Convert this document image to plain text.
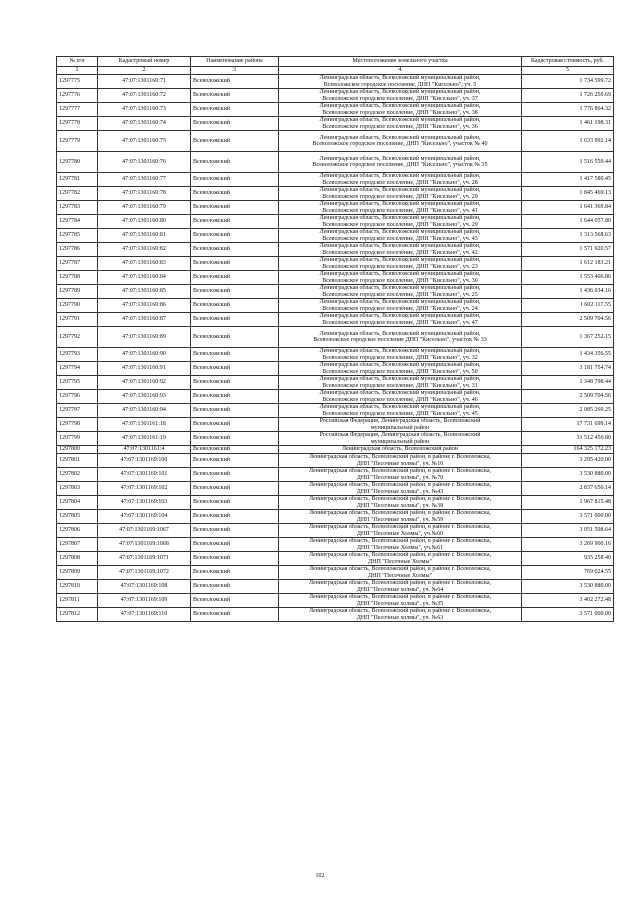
№ п/п	Кадастровый номер	Наименование района	Местоположение земельного участка	Кадастровая стоимость, руб.
1	2	3	4	5
1297775	47:07:1301160:71	Всеволожский	Ленинградская область, Всеволожский муниципальный район,
Всеволожское городское поселение, ДНП "Кисельно", уч. 5	1 734 599.72
1297776	47:07:1301160:72	Всеволожский	Ленинградская область, Всеволожский муниципальный район,
Всеволожское городское поселение, ДНП "Кисельно", уч. 37	1 726 250.69
1297777	47:07:1301160:73	Всеволожский	Ленинградская область, Всеволожский муниципальный район,
Всеволожское городское поселение, ДНП "Кисельно", уч. 38	1 776 864.32
1297778	47:07:1301160:74	Всеволожский	Ленинградская область, Всеволожский муниципальный район,
Всеволожское городское поселение, ДНП "Кисельно", уч. 36	1 461 198.31
1297779	47:07:1301160:75	Всеволожский	Ленинградская область, Всеволожский муниципальный район,
Всеволожское городское поселение, ДНП "Кисельно", участок № 40	1 633 992.14
1297780	47:07:1301160:76	Всеволожский	Ленинградская область, Всеволожский муниципальный район,
Всеволожское городское поселение, ДНП "Кисельно", участок № 35	1 516 559.44
1297781	47:07:1301160:77	Всеволожский	Ленинградская область, Всеволожский муниципальный район,
Всеволожское городское поселение, ДНП "Кисельно", уч. 28	1 417 580.45
1297782	47:07:1301160:78	Всеволожский	Ленинградская область, Всеволожский муниципальный район,
Всеволожское городское поселение, ДНП "Кисельно", уч. 29	1 845 469.13
1297783	47:07:1301160:79	Всеволожский	Ленинградская область, Всеволожский муниципальный район,
Всеволожское городское поселение, ДНП "Кисельно", уч. 41	1 641 369.84
1297784	47:07:1301160:80	Всеволожский	Ленинградская область, Всеволожский муниципальный район,
Всеволожское городское поселение, ДНП "Кисельно", уч. 29	1 644 057.80
1297785	47:07:1301160:81	Всеволожский	Ленинградская область, Всеволожский муниципальный район,
Всеволожское городское поселение, ДНП "Кисельно", уч. 43	1 313 568.63
1297786	47:07:1301160:82	Всеволожский	Ленинградская область, Всеволожский муниципальный район,
Всеволожское городское поселение, ДНП "Кисельно", уч. 42	1 571 920.57
1297787	47:07:1301160:83	Всеволожский	Ленинградская область, Всеволожский муниципальный район,
Всеволожское городское поселение, ДНП "Кисельно", уч. 23	1 612 183.21
1297788	47:07:1301160:84	Всеволожский	Ленинградская область, Всеволожский муниципальный район,
Всеволожское городское поселение, ДНП "Кисельно", уч. 30	1 553 466.86
1297789	47:07:1301160:85	Всеволожский	Ленинградская область, Всеволожский муниципальный район,
Всеволожское городское поселение, ДНП "Кисельно", уч. 25	1 436 034.16
1297790	47:07:1301160:86	Всеволожский	Ленинградская область, Всеволожский муниципальный район,
Всеволожское городское поселение, ДНП "Кисельно", уч. 24	1 602 117.55
1297791	47:07:1301160:87	Всеволожский	Ленинградская область, Всеволожский муниципальный район,
Всеволожское городское поселение, ДНП "Кисельно", уч. 47	2 509 704.56
1297792	47:07:1301160:89	Всеволожский	Ленинградская область, Всеволожский муниципальный район,
Всеволожское городское поселение ДНП "Кисельно", участок № 33	1 367 252.15
1297793	47:07:1301160:90	Всеволожский	Ленинградская область, Всеволожский муниципальный район,
Всеволожское городское поселение, ДНП "Кисельно", уч. 32	1 434 356.55
1297794	47:07:1301160:91	Всеволожский	Ленинградская область, Всеволожский муниципальный район,
Всеволожское городское поселение, ДНП "Кисельно", уч. 50	3 181 754.74
1297795	47:07:1301160:92	Всеволожский	Ленинградская область, Всеволожский муниципальный район,
Всеволожское городское поселение, ДНП "Кисельно", уч. 31	1 348 798.44
1297796	47:07:1301160:93	Всеволожский	Ленинградская область, Всеволожский муниципальный район,
Всеволожское городское поселение, ДНП "Кисельно", уч. 46	2 509 704.56
1297797	47:07:1301160:94	Всеволожский	Ленинградская область, Всеволожский муниципальный район,
Всеволожское городское поселение, ДНП "Кисельно", уч. 45	2 085 269.25
1297798	47:07:1301161:18	Всеволожский	Российская Федерация, Ленинградская область, Всеволожский
муниципальный район	17 731 699.14
1297799	47:07:1301161:19	Всеволожский	Российская Федерация, Ленинградская область, Всеволожский
муниципальный район	31 512 456.80
1297800	47:07:1301161:4	Всеволожский	Ленинградская область, Всеволожский район	164 325 172.23
1297801	47:07:1301169:100	Всеволожский	Ленинградская область, Всеволожский район, в районе г. Всеволожска,
ДНП "Песочные холмы", уч. №10	3 295 420.00
1297802	47:07:1301169:101	Всеволожский	Ленинградская область, Всеволожский район, в районе г. Всеволожска,
ДНП "Песочные холмы", уч. №70	3 530 880.00
1297803	47:07:1301169:102	Всеволожский	Ленинградская область, Всеволожский район, в районе г. Всеволожска,
ДНП "Песочные холмы", уч. №43	2 837 656.14
1297804	47:07:1301169:103	Всеволожский	Ленинградская область, Всеволожский район, в районе г. Всеволожска,
ДНП "Песочные холмы", уч. №38	1 967 815.48
1297805	47:07:1301169:104	Всеволожский	Ленинградская область, Всеволожский район, в районе г. Всеволожска,
ДНП "Песочные холмы", уч. №59	3 571 000.00
1297806	47:07:1301169:1067	Всеволожский	Ленинградская область, Всеволожский район, в районе г. Всеволожска,
ДНП "Песочные Холмы", уч.№60	3 051 598.64
1297807	47:07:1301169:1068	Всеволожский	Ленинградская область, Всеволожский район, в районе г. Всеволожска,
ДНП "Песочные Холмы", уч.№61	3 269 900.16
1297808	47:07:1301169:1071	Всеволожский	Ленинградская область, Всеволожский район, в районе г. Всеволожска,
ДНП "Песочные Холмы"	935 258.40
1297809	47:07:1301169:1072	Всеволожский	Ленинградская область, Всеволожский район, в районе г. Всеволожска,
ДНП "Песочные Холмы"	769 024.55
1297810	47:07:1301169:108	Всеволожский	Ленинградская область, Всеволожский район, в районе г. Всеволожска,
ДНП "Песочные холмы", уч. №64	3 530 880.00
1297811	47:07:1301169:109	Всеволожский	Ленинградская область, Всеволожский район, в районе г. Всеволожска,
ДНП "Песочные холмы", уч. №35	3 402 272.48
1297812	47:07:1301169:110	Всеволожский	Ленинградская область, Всеволожский район, в районе г. Всеволожска,
ДНП "Песочные холмы", уч. №63	3 571 000.00
102
